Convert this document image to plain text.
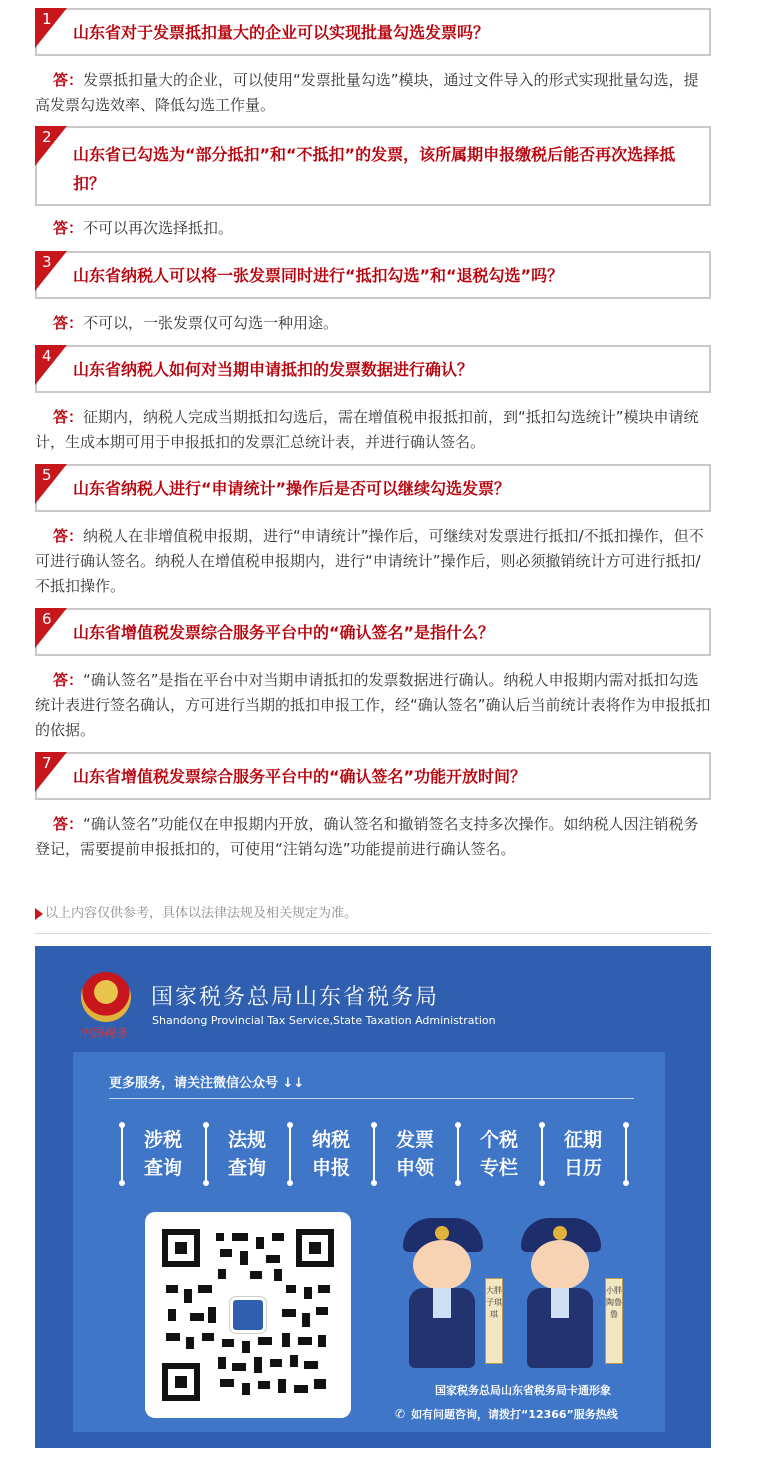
1
山东省对于发票抵扣量大的企业可以实现批量勾选发票吗？

答：发票抵扣量大的企业，可以使用“发票批量勾选”模块，通过文件导入的形式实现批量勾选，提高发票勾选效率、降低勾选工作量。

2
山东省已勾选为“部分抵扣”和“不抵扣”的发票，该所属期申报缴税后能否再次选择抵扣？

答：不可以再次选择抵扣。

3
山东省纳税人可以将一张发票同时进行“抵扣勾选”和“退税勾选”吗？

答：不可以，一张发票仅可勾选一种用途。

4
山东省纳税人如何对当期申请抵扣的发票数据进行确认？

答：征期内，纳税人完成当期抵扣勾选后，需在增值税申报抵扣前，到“抵扣勾选统计”模块申请统计，生成本期可用于申报抵扣的发票汇总统计表，并进行确认签名。

5
山东省纳税人进行“申请统计”操作后是否可以继续勾选发票？

答：纳税人在非增值税申报期，进行“申请统计”操作后，可继续对发票进行抵扣/不抵扣操作，但不可进行确认签名。纳税人在增值税申报期内，进行“申请统计”操作后，则必须撤销统计方可进行抵扣/不抵扣操作。

6
山东省增值税发票综合服务平台中的“确认签名”是指什么？

答：“确认签名”是指在平台中对当期申请抵扣的发票数据进行确认。纳税人申报期内需对抵扣勾选统计表进行签名确认，方可进行当期的抵扣申报工作，经“确认签名”确认后当前统计表将作为申报抵扣的依据。

7
山东省增值税发票综合服务平台中的“确认签名”功能开放时间？

答：“确认签名”功能仅在申报期内开放，确认签名和撤销签名支持多次操作。如纳税人因注销税务登记，需要提前申报抵扣的，可使用“注销勾选”功能提前进行确认签名。

以上内容仅供参考，具体以法律法规及相关规定为准。
中国税务
国家税务总局山东省税务局
Shandong Provincial Tax Service,State Taxation Administration
更多服务，请关注微信公众号 ↓↓
涉税
查询
法规
查询
纳税
申报
发票
申领
个税
专栏
征期
日历
大胖子琪琪
小胖陶鲁鲁
国家税务总局山东省税务局卡通形象
✆ 如有问题咨询，请拨打“12366”服务热线
